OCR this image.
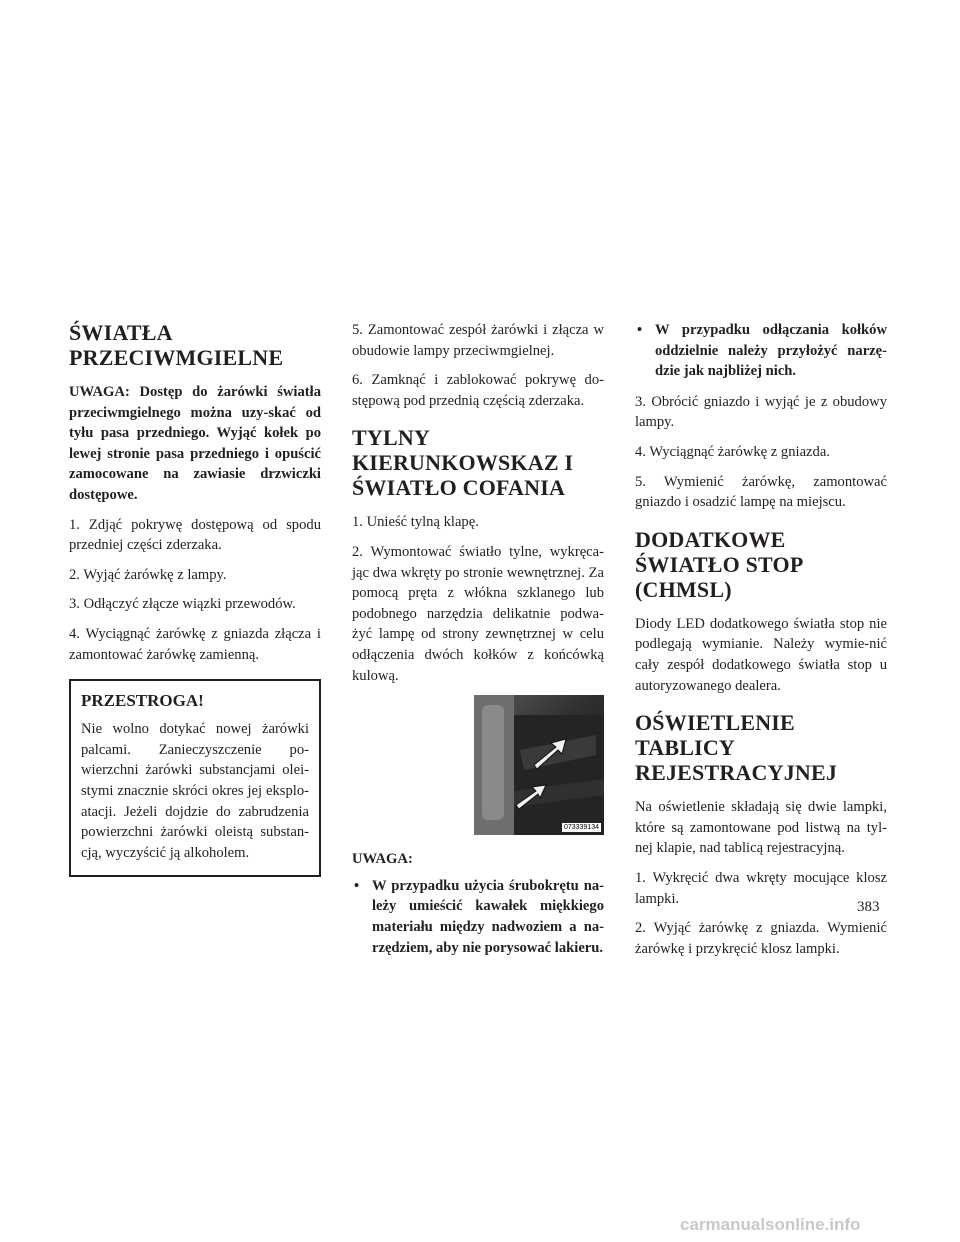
ŚWIATŁA PRZECIWMGIELNE

UWAGA: Dostęp do żarówki światła przeciwmgielnego można uzy-skać od tyłu pasa przedniego. Wyjąć kołek po lewej stronie pasa przedniego i opuścić zamocowane na zawiasie drzwiczki dostępowe.

1. Zdjąć pokrywę dostępową od spodu przedniej części zderzaka.

2. Wyjąć żarówkę z lampy.

3. Odłączyć złącze wiązki przewodów.

4. Wyciągnąć żarówkę z gniazda złącza i zamontować żarówkę zamienną.

PRZESTROGA!

Nie wolno dotykać nowej żarówki palcami. Zanieczyszczenie po-wierzchni żarówki substancjami olei-stymi znacznie skróci okres jej eksplo-atacji. Jeżeli dojdzie do zabrudzenia powierzchni żarówki oleistą substan-cją, wyczyścić ją alkoholem.

5. Zamontować zespół żarówki i złącza w obudowie lampy przeciwmgielnej.

6. Zamknąć i zablokować pokrywę do-stępową pod przednią częścią zderzaka.

TYLNY KIERUNKOWSKAZ I ŚWIATŁO COFANIA

1. Unieść tylną klapę.

2. Wymontować światło tylne, wykręca-jąc dwa wkręty po stronie wewnętrznej. Za pomocą pręta z włókna szklanego lub podobnego narzędzia delikatnie podwa-żyć lampę od strony zewnętrznej w celu odłączenia dwóch kołków z końcówką kulową.

073339134

UWAGA:

• W przypadku użycia śrubokrętu na-leży umieścić kawałek miękkiego materiału między nadwoziem a na-rzędziem, aby nie porysować lakieru.
• W przypadku odłączania kołków oddzielnie należy przyłożyć narzę-dzie jak najbliżej nich.

3. Obrócić gniazdo i wyjąć je z obudowy lampy.

4. Wyciągnąć żarówkę z gniazda.

5. Wymienić żarówkę, zamontować gniazdo i osadzić lampę na miejscu.

DODATKOWE ŚWIATŁO STOP (CHMSL)

Diody LED dodatkowego światła stop nie podlegają wymianie. Należy wymie-nić cały zespół dodatkowego światła stop u autoryzowanego dealera.

OŚWIETLENIE TABLICY REJESTRACYJNEJ

Na oświetlenie składają się dwie lampki, które są zamontowane pod listwą na tyl-nej klapie, nad tablicą rejestracyjną.

1. Wykręcić dwa wkręty mocujące klosz lampki.

2. Wyjąć żarówkę z gniazda. Wymienić żarówkę i przykręcić klosz lampki.

383
carmanualsonline.info
